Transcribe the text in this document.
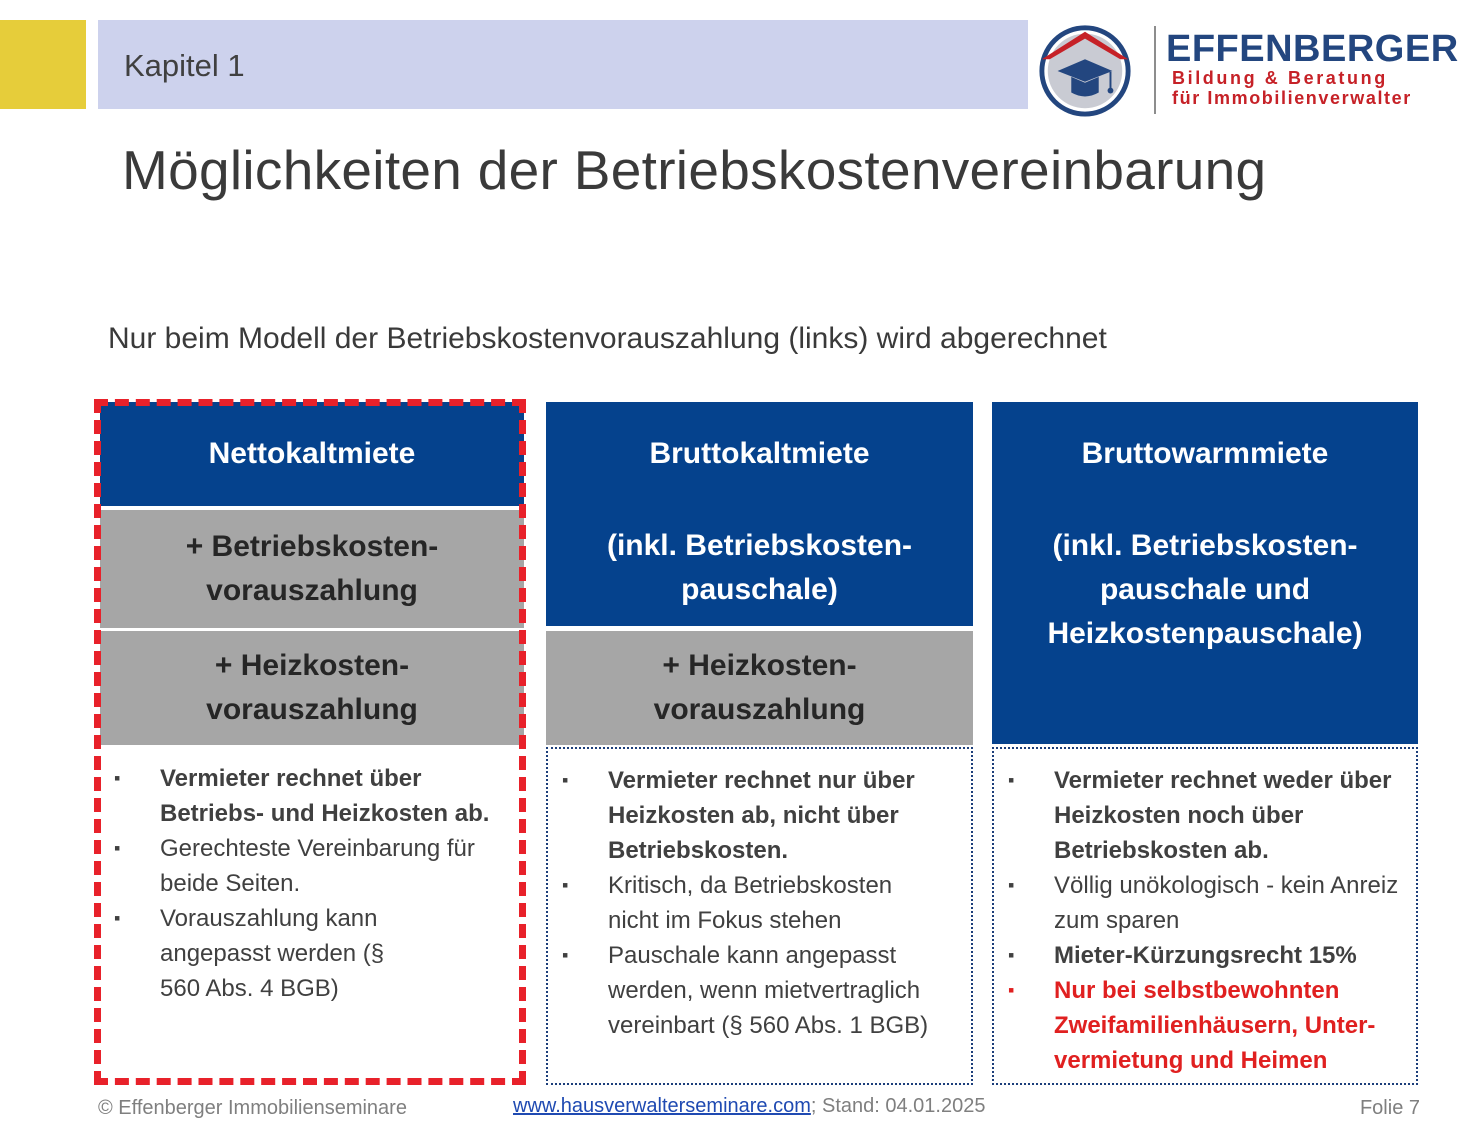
Kapitel 1	EFFENBERGER
Bildung & Beratung
für Immobilienverwalter
Möglichkeiten der Betriebskostenvereinbarung

Nur beim Modell der Betriebskostenvorauszahlung (links) wird abgerechnet

Nettokaltmiete
+ Betriebskosten-
vorauszahlung
+ Heizkosten-
vorauszahlung
▪ Vermieter rechnet über Betriebs- und Heizkosten ab.
▪ Gerechteste Vereinbarung für beide Seiten.
▪ Vorauszahlung kann angepasst werden (§ 560 Abs. 4 BGB)
Bruttokaltmiete
(inkl. Betriebskosten-
pauschale)
+ Heizkosten-
vorauszahlung
▪ Vermieter rechnet nur über Heizkosten ab, nicht über Betriebskosten.
▪ Kritisch, da Betriebskosten nicht im Fokus stehen
▪ Pauschale kann angepasst werden, wenn mietvertraglich vereinbart (§ 560 Abs. 1 BGB)
Bruttowarmmiete
(inkl. Betriebskosten-
pauschale und
Heizkostenpauschale)
▪ Vermieter rechnet weder über Heizkosten noch über Betriebskosten ab.
▪ Völlig unökologisch - kein Anreiz zum sparen
▪ Mieter-Kürzungsrecht 15%
▪ Nur bei selbstbewohnten Zweifamilienhäusern, Unter-vermietung und Heimen
© Effenberger Immobilienseminare	www.hausverwalterseminare.com; Stand: 04.01.2025	Folie 7
